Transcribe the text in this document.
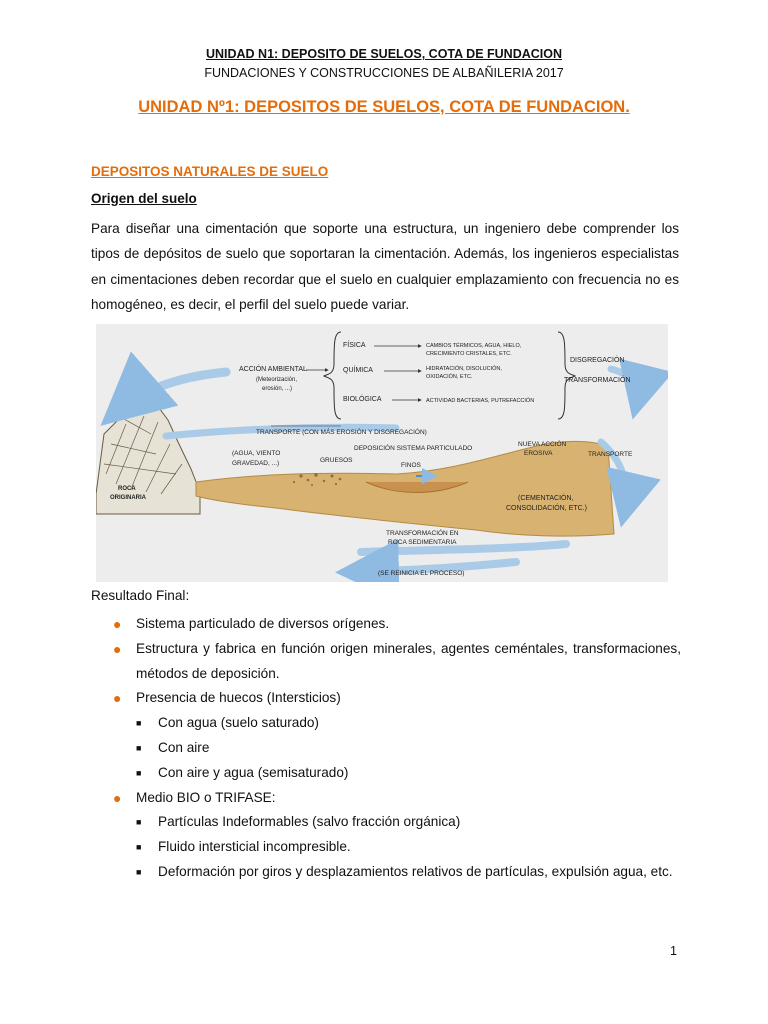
UNIDAD N1: DEPOSITO DE SUELOS, COTA DE FUNDACION
FUNDACIONES Y CONSTRUCCIONES DE ALBAÑILERIA 2017
UNIDAD Nº1: DEPOSITOS DE SUELOS, COTA DE FUNDACION.
DEPOSITOS NATURALES DE SUELO
Origen del suelo
Para diseñar una cimentación que soporte una estructura, un ingeniero debe comprender los tipos de depósitos de suelo que soportaran la cimentación. Además, los ingenieros especialistas en cimentaciones deben recordar que el suelo en cualquier emplazamiento con frecuencia no es homogéneo, es decir, el perfil del suelo puede variar.
ACCIÓN AMBIENTAL
(Meteorización,
erosión, ...)
FÍSICA
QUÍMICA
BIOLÓGICA
CAMBIOS TÉRMICOS, AGUA, HIELO,
CRECIMIENTO CRISTALES, ETC.
HIDRATACIÓN, DISOLUCIÓN,
OXIDACIÓN, ETC.
ACTIVIDAD BACTERIAS, PUTREFACCIÓN
DISGREGACIÓN
TRANSFORMACIÓN
TRANSPORTE (CON MÁS EROSIÓN Y DISGREGACIÓN)
(AGUA, VIENTO
GRAVEDAD, ...)	GRUESOS
DEPOSICIÓN SISTEMA PARTICULADO
FINOS
NUEVA ACCIÓN
EROSIVA	TRANSPORTE
ROCA
ORIGINARIA	(CEMENTACIÓN,
CONSOLIDACIÓN, ETC.)
TRANSFORMACIÓN EN
ROCA SEDIMENTARIA
(SE REINICIA EL PROCESO)
Resultado Final:
● Sistema particulado de diversos orígenes.
● Estructura y fabrica en función origen minerales, agentes ceméntales, transformaciones, métodos de deposición.
● Presencia de huecos (Intersticios)
■ Con agua (suelo saturado)
■ Con aire
■ Con aire y agua (semisaturado)
● Medio BIO o TRIFASE:
■ Partículas Indeformables (salvo fracción orgánica)
■ Fluido intersticial incompresible.
■ Deformación por giros y desplazamientos relativos de partículas, expulsión agua, etc.
1
